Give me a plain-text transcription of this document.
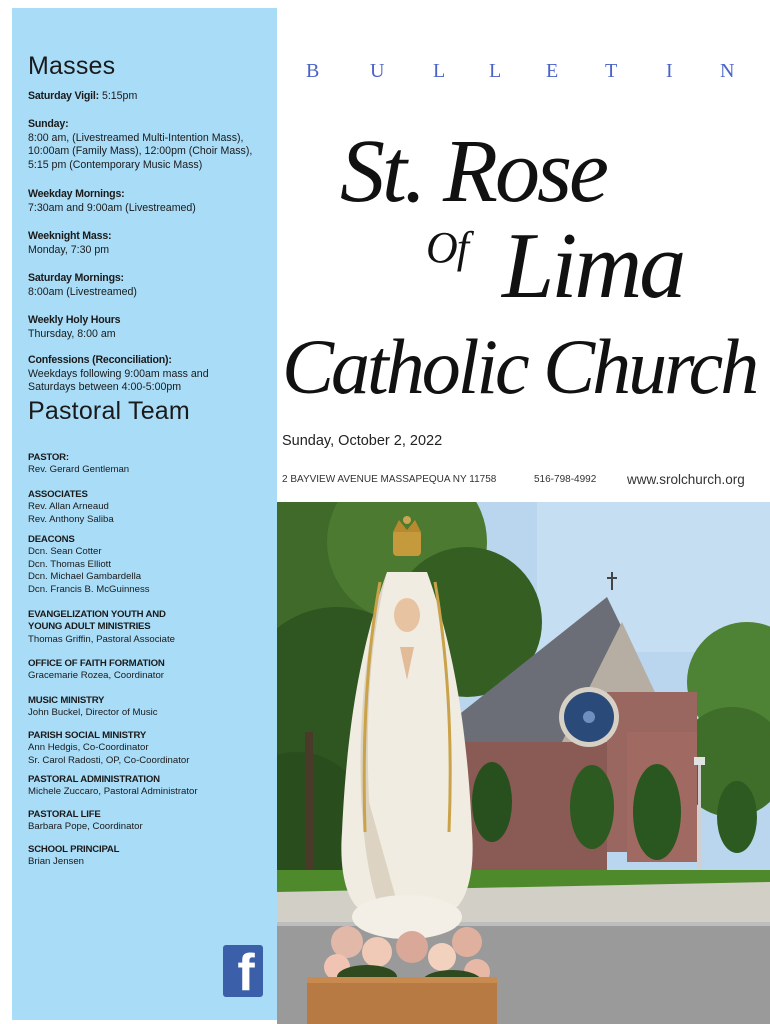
Masses
Saturday Vigil: 5:15pm
Sunday:
8:00 am, (Livestreamed Multi-Intention Mass),
10:00am (Family Mass), 12:00pm (Choir Mass),
5:15 pm (Contemporary Music Mass)
Weekday Mornings:
7:30am and 9:00am (Livestreamed)
Weeknight Mass:
Monday, 7:30 pm
Saturday Mornings:
8:00am (Livestreamed)
Weekly Holy Hours
Thursday, 8:00 am
Confessions (Reconciliation):
Weekdays following 9:00am mass and
Saturdays between 4:00-5:00pm
Pastoral Team
PASTOR:
Rev. Gerard Gentleman
ASSOCIATES
Rev. Allan Arneaud
Rev. Anthony Saliba
DEACONS
Dcn. Sean Cotter
Dcn. Thomas Elliott
Dcn. Michael Gambardella
Dcn. Francis B. McGuinness
EVANGELIZATION YOUTH AND
YOUNG ADULT MINISTRIES
Thomas Griffin, Pastoral Associate
OFFICE OF FAITH FORMATION
Gracemarie Rozea, Coordinator
MUSIC MINISTRY
John Buckel, Director of Music
PARISH SOCIAL MINISTRY
Ann Hedgis, Co-Coordinator
Sr. Carol Radosti, OP, Co-Coordinator
PASTORAL ADMINISTRATION
Michele Zuccaro, Pastoral Administrator
PASTORAL LIFE
Barbara Pope, Coordinator
SCHOOL PRINCIPAL
Brian Jensen
f
B	U L L E T I N
St. Rose
Of Lima
Catholic Church
Sunday, October 2, 2022
2 BAYVIEW AVENUE MASSAPEQUA NY 11758	516-798-4992 www.srolchurch.org
